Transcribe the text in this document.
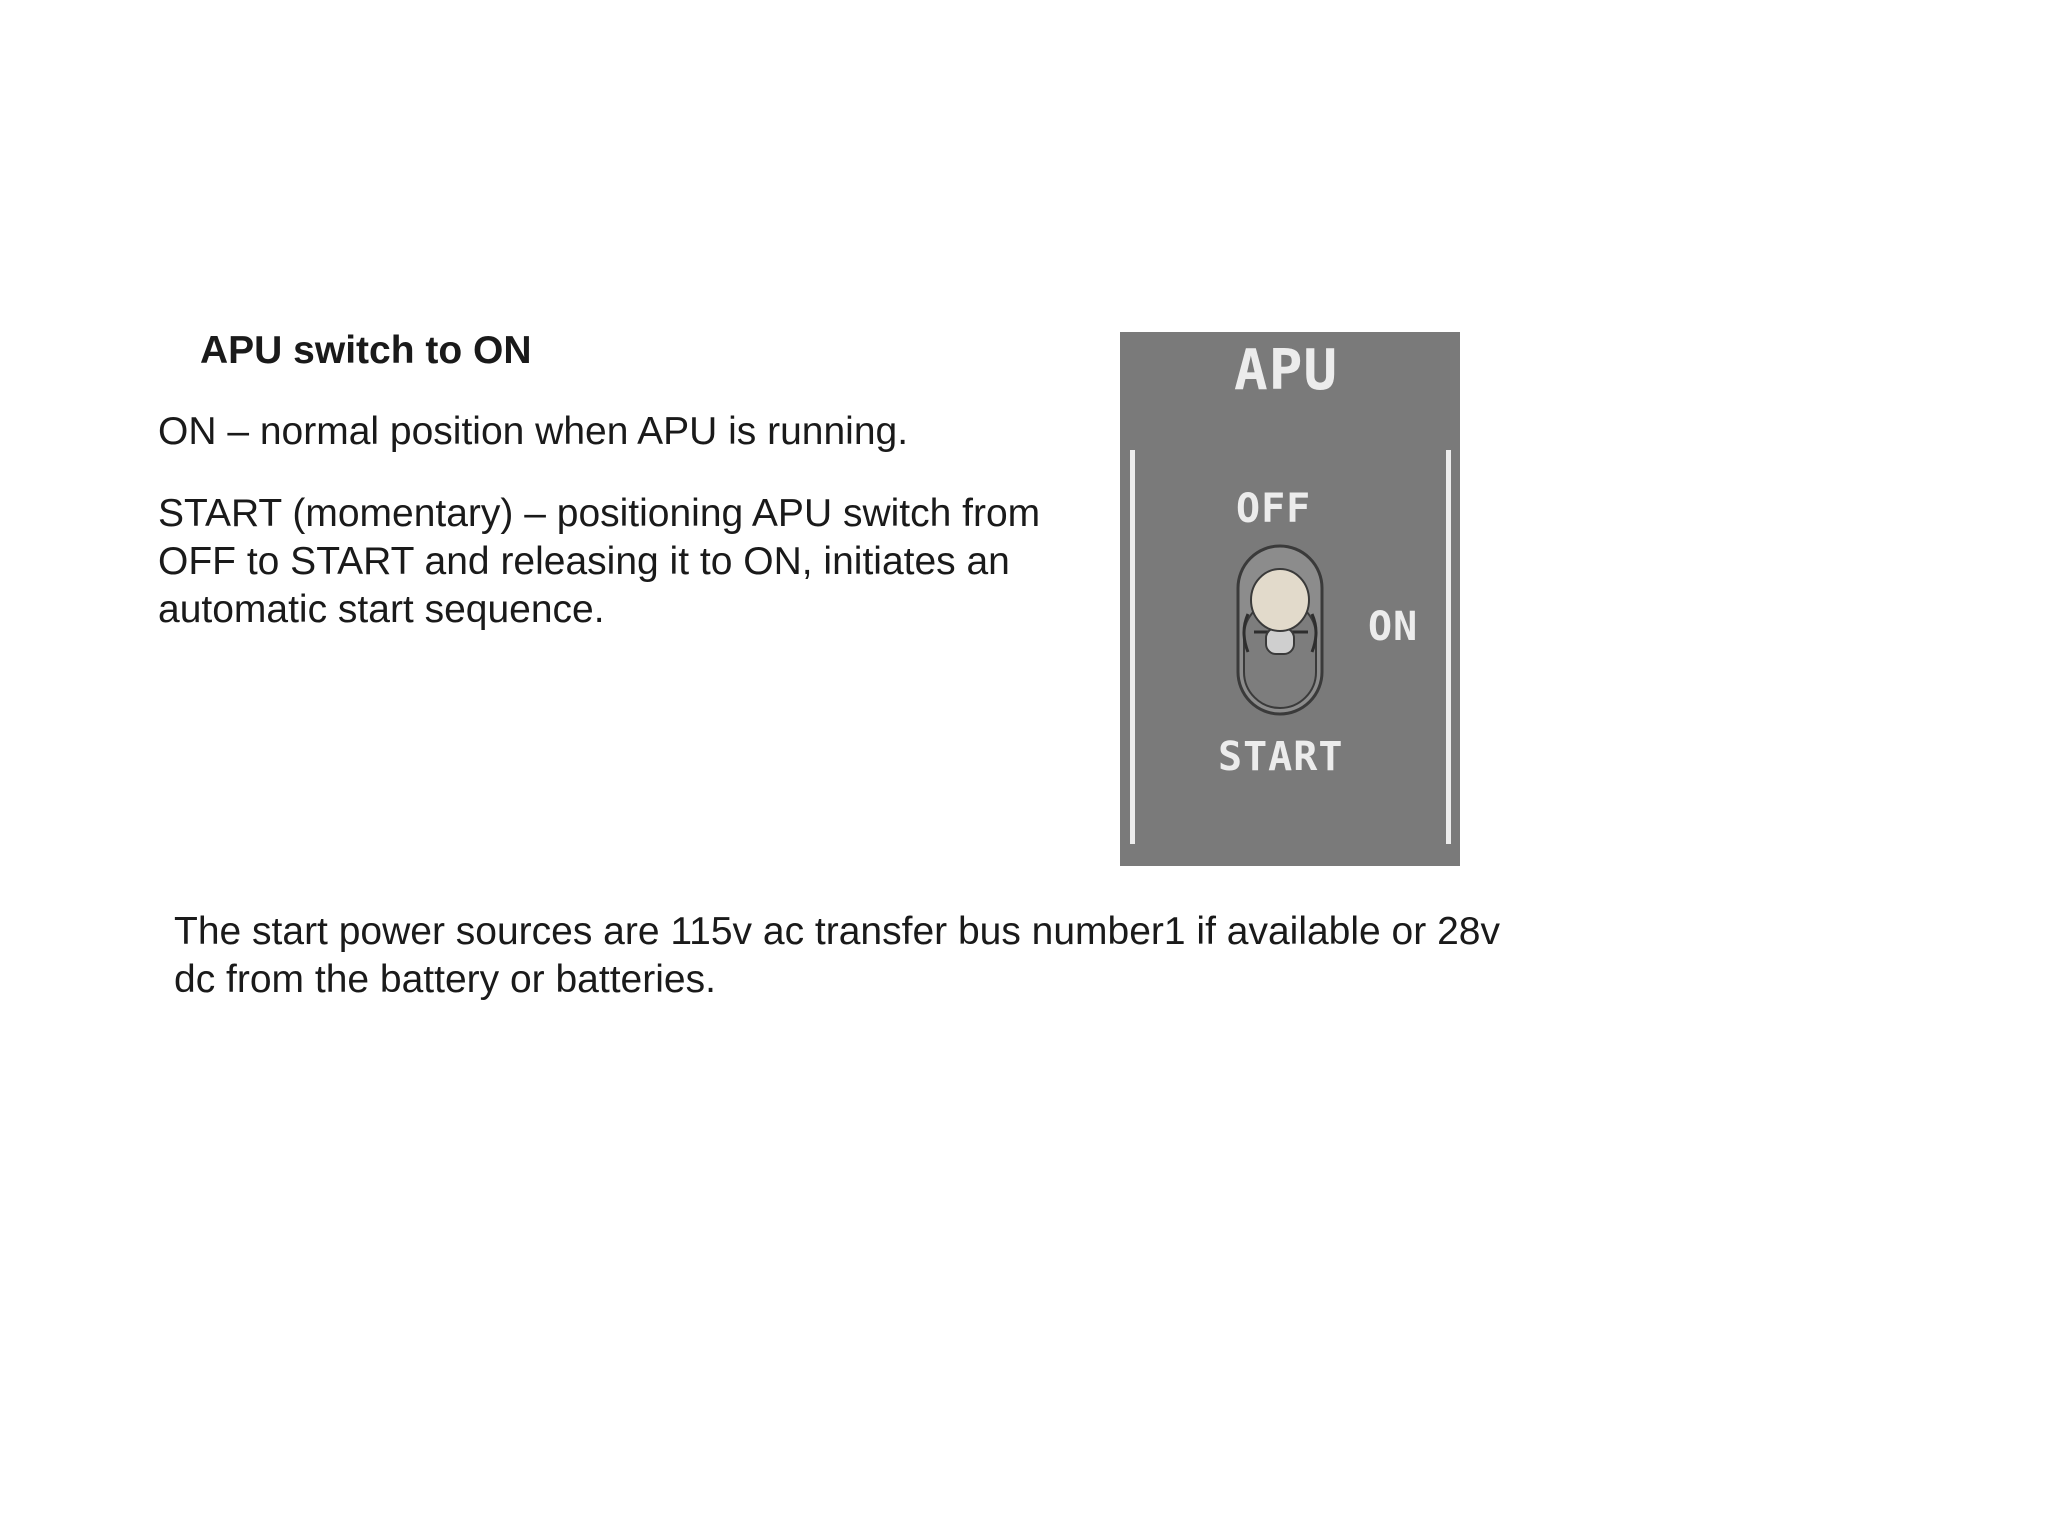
APU switch to ON

ON – normal position when APU is running.

START (momentary) – positioning APU switch from OFF to START and releasing it to ON, initiates an automatic start sequence.

The start power sources are 115v ac transfer bus number1 if available or 28v dc from the battery or batteries.

APU
OFF
ON
START
